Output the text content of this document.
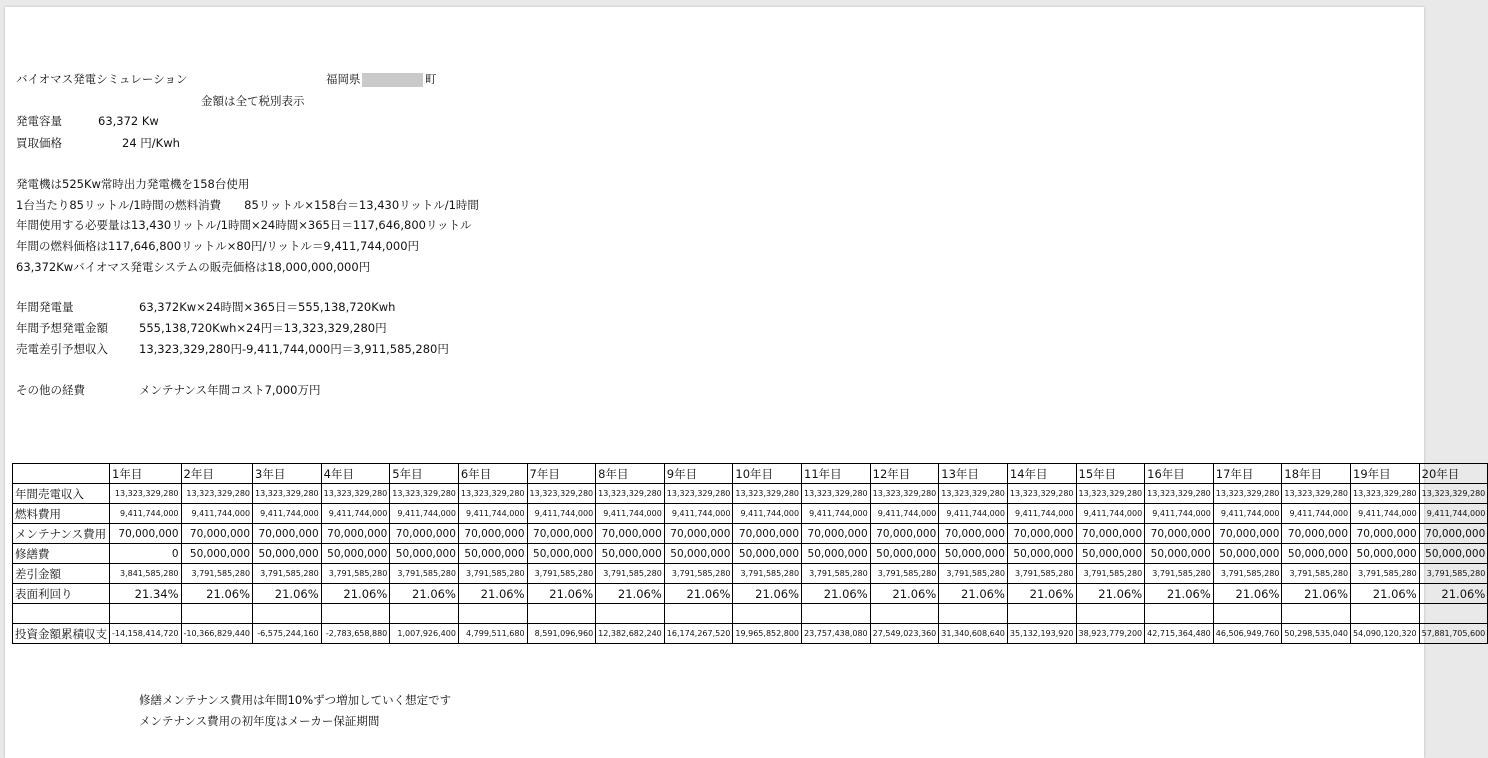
バイオマス発電シミュレーション	福岡県	町
金額は全て税別表示
発電容量	63,372 Kw
買取価格	24 円/Kwh
発電機は525Kw常時出力発電機を158台使用
1台当たり85リットル/1時間の燃料消費　　85リットル×158台＝13,430リットル/1時間
年間使用する必要量は13,430リットル/1時間×24時間×365日＝117,646,800リットル
年間の燃料価格は117,646,800リットル×80円/リットル＝9,411,744,000円
63,372Kwバイオマス発電システムの販売価格は18,000,000,000円
年間発電量	63,372Kw×24時間×365日＝555,138,720Kwh
年間予想発電金額	555,138,720Kwh×24円＝13,323,329,280円
売電差引予想収入	13,323,329,280円-9,411,744,000円＝3,911,585,280円
その他の経費	メンテナンス年間コスト7,000万円
	1年目	2年目	3年目	4年目	5年目	6年目	7年目	8年目	9年目	10年目	11年目	12年目	13年目	14年目	15年目	16年目	17年目	18年目	19年目	20年目
年間売電収入	13,323,329,280	13,323,329,280	13,323,329,280	13,323,329,280	13,323,329,280	13,323,329,280	13,323,329,280	13,323,329,280	13,323,329,280	13,323,329,280	13,323,329,280	13,323,329,280	13,323,329,280	13,323,329,280	13,323,329,280	13,323,329,280	13,323,329,280	13,323,329,280	13,323,329,280	13,323,329,280
燃料費用	9,411,744,000	9,411,744,000	9,411,744,000	9,411,744,000	9,411,744,000	9,411,744,000	9,411,744,000	9,411,744,000	9,411,744,000	9,411,744,000	9,411,744,000	9,411,744,000	9,411,744,000	9,411,744,000	9,411,744,000	9,411,744,000	9,411,744,000	9,411,744,000	9,411,744,000	9,411,744,000
メンテナンス費用	70,000,000	70,000,000	70,000,000	70,000,000	70,000,000	70,000,000	70,000,000	70,000,000	70,000,000	70,000,000	70,000,000	70,000,000	70,000,000	70,000,000	70,000,000	70,000,000	70,000,000	70,000,000	70,000,000	70,000,000
修繕費	0	50,000,000	50,000,000	50,000,000	50,000,000	50,000,000	50,000,000	50,000,000	50,000,000	50,000,000	50,000,000	50,000,000	50,000,000	50,000,000	50,000,000	50,000,000	50,000,000	50,000,000	50,000,000	50,000,000
差引金額	3,841,585,280	3,791,585,280	3,791,585,280	3,791,585,280	3,791,585,280	3,791,585,280	3,791,585,280	3,791,585,280	3,791,585,280	3,791,585,280	3,791,585,280	3,791,585,280	3,791,585,280	3,791,585,280	3,791,585,280	3,791,585,280	3,791,585,280	3,791,585,280	3,791,585,280	3,791,585,280
表面利回り	21.34%	21.06%	21.06%	21.06%	21.06%	21.06%	21.06%	21.06%	21.06%	21.06%	21.06%	21.06%	21.06%	21.06%	21.06%	21.06%	21.06%	21.06%	21.06%	21.06%

投資金額累積収支	-14,158,414,720	-10,366,829,440	-6,575,244,160	-2,783,658,880	1,007,926,400	4,799,511,680	8,591,096,960	12,382,682,240	16,174,267,520	19,965,852,800	23,757,438,080	27,549,023,360	31,340,608,640	35,132,193,920	38,923,779,200	42,715,364,480	46,506,949,760	50,298,535,040	54,090,120,320	57,881,705,600
修繕メンテナンス費用は年間10%ずつ増加していく想定です
メンテナンス費用の初年度はメーカー保証期間
